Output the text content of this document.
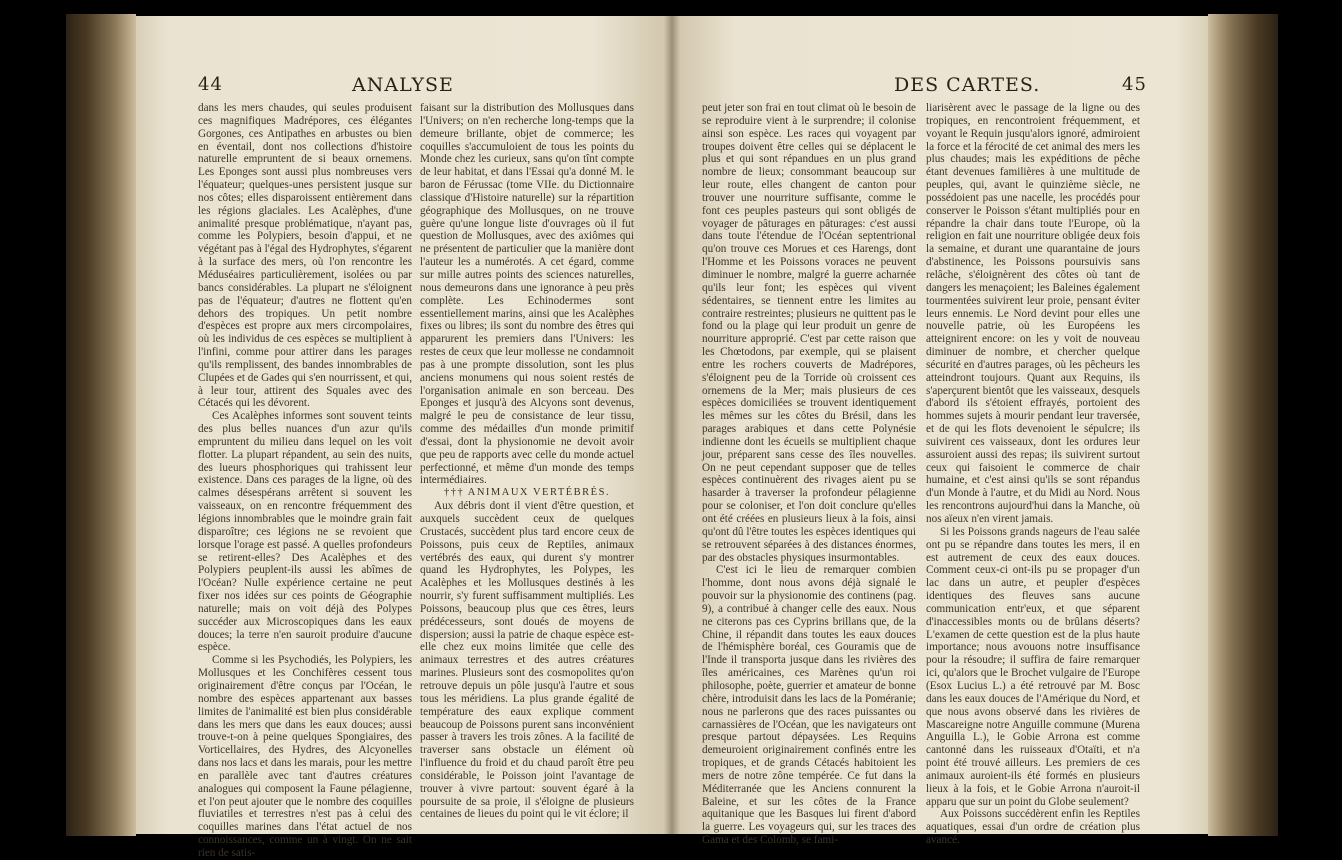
44	ANALYSE

dans les mers chaudes, qui seules produisent ces magnifiques Madrépores, ces élégantes Gorgones, ces Antipathes en arbustes ou bien en éventail, dont nos collections d'histoire naturelle empruntent de si beaux ornemens. Les Eponges sont aussi plus nombreuses vers l'équateur; quelques-unes persistent jusque sur nos côtes; elles disparoissent entièrement dans les régions glaciales. Les Acalèphes, d'une animalité presque problématique, n'ayant pas, comme les Polypiers, besoin d'appui, et ne végétant pas à l'égal des Hydrophytes, s'égarent à la surface des mers, où l'on rencontre les Méduséaires particulièrement, isolées ou par bancs considérables. La plupart ne s'éloignent pas de l'équateur; d'autres ne flottent qu'en dehors des tropiques. Un petit nombre d'espèces est propre aux mers circompolaires, où les individus de ces espèces se multiplient à l'infini, comme pour attirer dans les parages qu'ils remplissent, des bandes innombrables de Clupées et de Gades qui s'en nourrissent, et qui, à leur tour, attirent des Squales avec des Cétacés qui les dévorent.

Ces Acalèphes informes sont souvent teints des plus belles nuances d'un azur qu'ils empruntent du milieu dans lequel on les voit flotter. La plupart répandent, au sein des nuits, des lueurs phosphoriques qui trahissent leur existence. Dans ces parages de la ligne, où des calmes désespérans arrêtent si souvent les vaisseaux, on en rencontre fréquemment des légions innombrables que le moindre grain fait disparoître; ces légions ne se revoient que lorsque l'orage est passé. A quelles profondeurs se retirent-elles? Des Acalèphes et des Polypiers peuplent-ils aussi les abîmes de l'Océan? Nulle expérience certaine ne peut fixer nos idées sur ces points de Géographie naturelle; mais on voit déjà des Polypes succéder aux Microscopiques dans les eaux douces; la terre n'en sauroit produire d'aucune espèce.

Comme si les Psychodiés, les Polypiers, les Mollusques et les Conchifères cessent tous originairement d'être conçus par l'Océan, le nombre des espèces appartenant aux basses limites de l'animalité est bien plus considérable dans les mers que dans les eaux douces; aussi trouve-t-on à peine quelques Spongiaires, des Vorticellaires, des Hydres, des Alcyonelles dans nos lacs et dans les marais, pour les mettre en parallèle avec tant d'autres créatures analogues qui composent la Faune pélagienne, et l'on peut ajouter que le nombre des coquilles fluviatiles et terrestres n'est pas à celui des coquilles marines dans l'état actuel de nos connoissances, comme un à vingt. On ne sait rien de satis-

faisant sur la distribution des Mollusques dans l'Univers; on n'en recherche long-temps que la demeure brillante, objet de commerce; les coquilles s'accumuloient de tous les points du Monde chez les curieux, sans qu'on tînt compte de leur habitat, et dans l'Essai qu'a donné M. le baron de Férussac (tome VIIe. du Dictionnaire classique d'Histoire naturelle) sur la répartition géographique des Mollusques, on ne trouve guère qu'une longue liste d'ouvrages où il fut question de Mollusques, avec des axiômes qui ne présentent de particulier que la manière dont l'auteur les a numérotés. A cet égard, comme sur mille autres points des sciences naturelles, nous demeurons dans une ignorance à peu près complète. Les Echinodermes sont essentiellement marins, ainsi que les Acalèphes fixes ou libres; ils sont du nombre des êtres qui apparurent les premiers dans l'Univers: les restes de ceux que leur mollesse ne condamnoit pas à une prompte dissolution, sont les plus anciens monumens qui nous soient restés de l'organisation animale en son berceau. Des Eponges et jusqu'à des Alcyons sont devenus, malgré le peu de consistance de leur tissu, comme des médailles d'un monde primitif d'essai, dont la physionomie ne devoit avoir que peu de rapports avec celle du monde actuel perfectionné, et même d'un monde des temps intermédiaires.

††† ANIMAUX VERTÉBRÉS.

Aux débris dont il vient d'être question, et auxquels succèdent ceux de quelques Crustacés, succèdent plus tard encore ceux de Poissons, puis ceux de Reptiles, animaux vertébrés des eaux, qui durent s'y montrer quand les Hydrophytes, les Polypes, les Acalèphes et les Mollusques destinés à les nourrir, s'y furent suffisamment multipliés. Les Poissons, beaucoup plus que ces êtres, leurs prédécesseurs, sont doués de moyens de dispersion; aussi la patrie de chaque espèce est-elle chez eux moins limitée que celle des animaux terrestres et des autres créatures marines. Plusieurs sont des cosmopolites qu'on retrouve depuis un pôle jusqu'à l'autre et sous tous les méridiens. La plus grande égalité de température des eaux explique comment beaucoup de Poissons purent sans inconvénient passer à travers les trois zônes. A la facilité de traverser sans obstacle un élément où l'influence du froid et du chaud paroît être peu considérable, le Poisson joint l'avantage de trouver à vivre partout: souvent égaré à la poursuite de sa proie, il s'éloigne de plusieurs centaines de lieues du point qui le vit éclore; il

DES CARTES.	45

peut jeter son frai en tout climat où le besoin de se reproduire vient à le surprendre; il colonise ainsi son espèce. Les races qui voyagent par troupes doivent être celles qui se déplacent le plus et qui sont répandues en un plus grand nombre de lieux; consommant beaucoup sur leur route, elles changent de canton pour trouver une nourriture suffisante, comme le font ces peuples pasteurs qui sont obligés de voyager de pâturages en pâturages: c'est aussi dans toute l'étendue de l'Océan septentrional qu'on trouve ces Morues et ces Harengs, dont l'Homme et les Poissons voraces ne peuvent diminuer le nombre, malgré la guerre acharnée qu'ils leur font; les espèces qui vivent sédentaires, se tiennent entre les limites au contraire restreintes; plusieurs ne quittent pas le fond ou la plage qui leur produit un genre de nourriture approprié. C'est par cette raison que les Chœtodons, par exemple, qui se plaisent entre les rochers couverts de Madrépores, s'éloignent peu de la Torride où croissent ces ornemens de la Mer; mais plusieurs de ces espèces domiciliées se trouvent identiquement les mêmes sur les côtes du Brésil, dans les parages arabiques et dans cette Polynésie indienne dont les écueils se multiplient chaque jour, préparent sans cesse des îles nouvelles. On ne peut cependant supposer que de telles espèces continuèrent des rivages aient pu se hasarder à traverser la profondeur pélagienne pour se coloniser, et l'on doit conclure qu'elles ont été créées en plusieurs lieux à la fois, ainsi qu'ont dû l'être toutes les espèces identiques qui se retrouvent séparées à des distances énormes, par des obstacles physiques insurmontables.

C'est ici le lieu de remarquer combien l'homme, dont nous avons déjà signalé le pouvoir sur la physionomie des continens (pag. 9), a contribué à changer celle des eaux. Nous ne citerons pas ces Cyprins brillans que, de la Chine, il répandit dans toutes les eaux douces de l'hémisphère boréal, ces Gouramis que de l'Inde il transporta jusque dans les rivières des îles américaines, ces Marènes qu'un roi philosophe, poète, guerrier et amateur de bonne chère, introduisit dans les lacs de la Poméranie; nous ne parlerons que des races puissantes ou carnassières de l'Océan, que les navigateurs ont presque partout dépaysées. Les Requins demeuroient originairement confinés entre les tropiques, et de grands Cétacés habitoient les mers de notre zône tempérée. Ce fut dans la Méditerranée que les Anciens connurent la Baleine, et sur les côtes de la France aquitanique que les Basques lui firent d'abord la guerre. Les voyageurs qui, sur les traces des Gama et des Colomb, se fami-

liarisèrent avec le passage de la ligne ou des tropiques, en rencontroient fréquemment, et voyant le Requin jusqu'alors ignoré, admiroient la force et la férocité de cet animal des mers les plus chaudes; mais les expéditions de pêche étant devenues familières à une multitude de peuples, qui, avant le quinzième siècle, ne possédoient pas une nacelle, les procédés pour conserver le Poisson s'étant multipliés pour en répandre la chair dans toute l'Europe, où la religion en fait une nourriture obligée deux fois la semaine, et durant une quarantaine de jours d'abstinence, les Poissons poursuivis sans relâche, s'éloignèrent des côtes où tant de dangers les menaçoient; les Baleines également tourmentées suivirent leur proie, pensant éviter leurs ennemis. Le Nord devint pour elles une nouvelle patrie, où les Européens les atteignirent encore: on les y voit de nouveau diminuer de nombre, et chercher quelque sécurité en d'autres parages, où les pêcheurs les atteindront toujours. Quant aux Requins, ils s'aperçurent bientôt que les vaisseaux, desquels d'abord ils s'étoient effrayés, portoient des hommes sujets à mourir pendant leur traversée, et de qui les flots devenoient le sépulcre; ils suivirent ces vaisseaux, dont les ordures leur assuroient aussi des repas; ils suivirent surtout ceux qui faisoient le commerce de chair humaine, et c'est ainsi qu'ils se sont répandus d'un Monde à l'autre, et du Midi au Nord. Nous les rencontrons aujourd'hui dans la Manche, où nos aïeux n'en virent jamais.

Si les Poissons grands nageurs de l'eau salée ont pu se répandre dans toutes les mers, il en est autrement de ceux des eaux douces. Comment ceux-ci ont-ils pu se propager d'un lac dans un autre, et peupler d'espèces identiques des fleuves sans aucune communication entr'eux, et que séparent d'inaccessibles monts ou de brûlans déserts? L'examen de cette question est de la plus haute importance; nous avouons notre insuffisance pour la résoudre; il suffira de faire remarquer ici, qu'alors que le Brochet vulgaire de l'Europe (Esox Lucius L.) a été retrouvé par M. Bosc dans les eaux douces de l'Amérique du Nord, et que nous avons observé dans les rivières de Mascareigne notre Anguille commune (Murena Anguilla L.), le Gobie Arrona est comme cantonné dans les ruisseaux d'Otaïti, et n'a point été trouvé ailleurs. Les premiers de ces animaux auroient-ils été formés en plusieurs lieux à la fois, et le Gobie Arrona n'auroit-il apparu que sur un point du Globe seulement?

Aux Poissons succédèrent enfin les Reptiles aquatiques, essai d'un ordre de création plus avancé.
